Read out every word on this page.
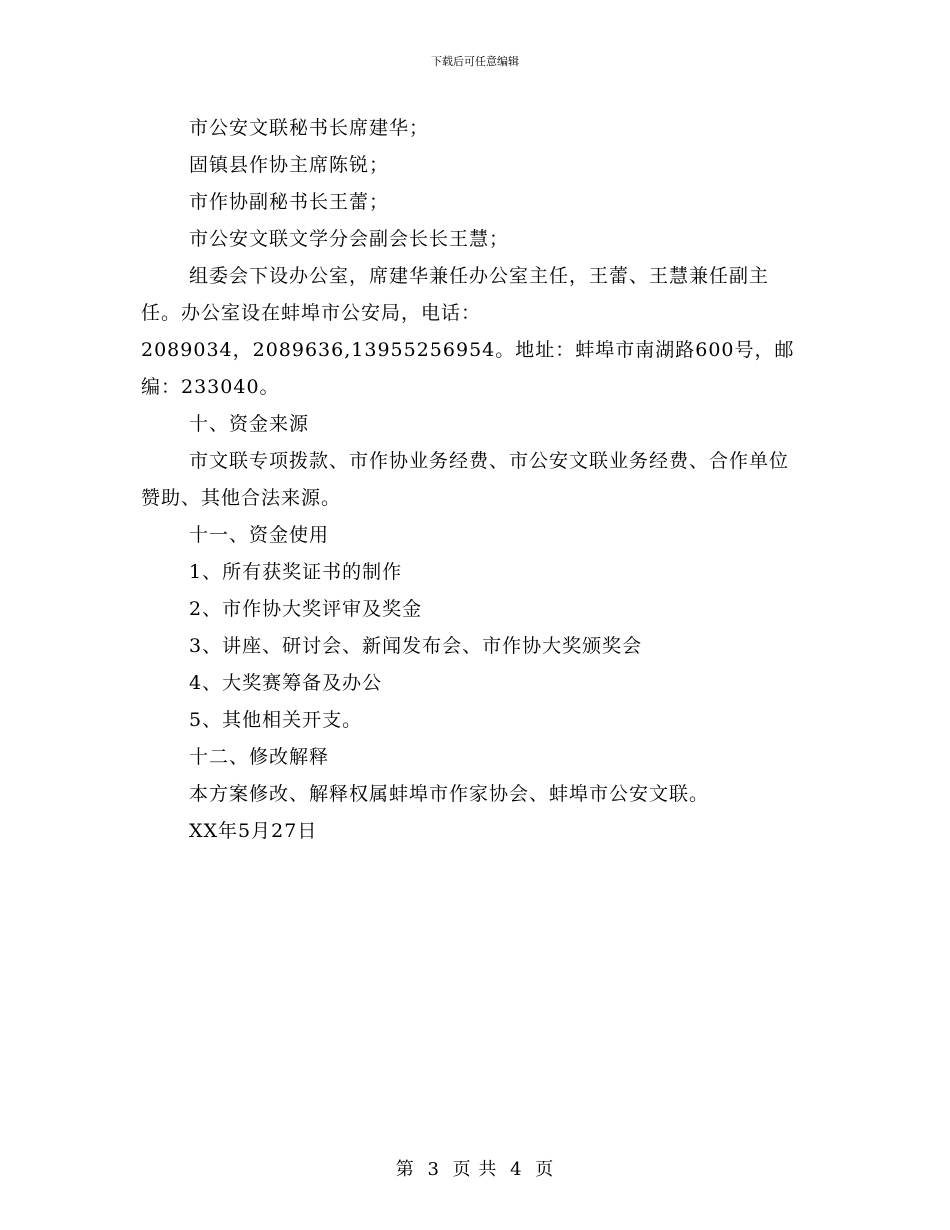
下载后可任意编辑

市公安文联秘书长席建华；

固镇县作协主席陈锐；

市作协副秘书长王蕾；

市公安文联文学分会副会长长王慧；

组委会下设办公室，席建华兼任办公室主任，王蕾、王慧兼任副主任。办公室设在蚌埠市公安局，电话：

2089034，2089636,13955256954。地址：蚌埠市南湖路600号，邮编：233040。

十、资金来源

市文联专项拨款、市作协业务经费、市公安文联业务经费、合作单位赞助、其他合法来源。

十一、资金使用

1、所有获奖证书的制作

2、市作协大奖评审及奖金

3、讲座、研讨会、新闻发布会、市作协大奖颁奖会

4、大奖赛筹备及办公

5、其他相关开支。

十二、修改解释

本方案修改、解释权属蚌埠市作家协会、蚌埠市公安文联。

XX年5月27日

第 3 页 共 4 页
